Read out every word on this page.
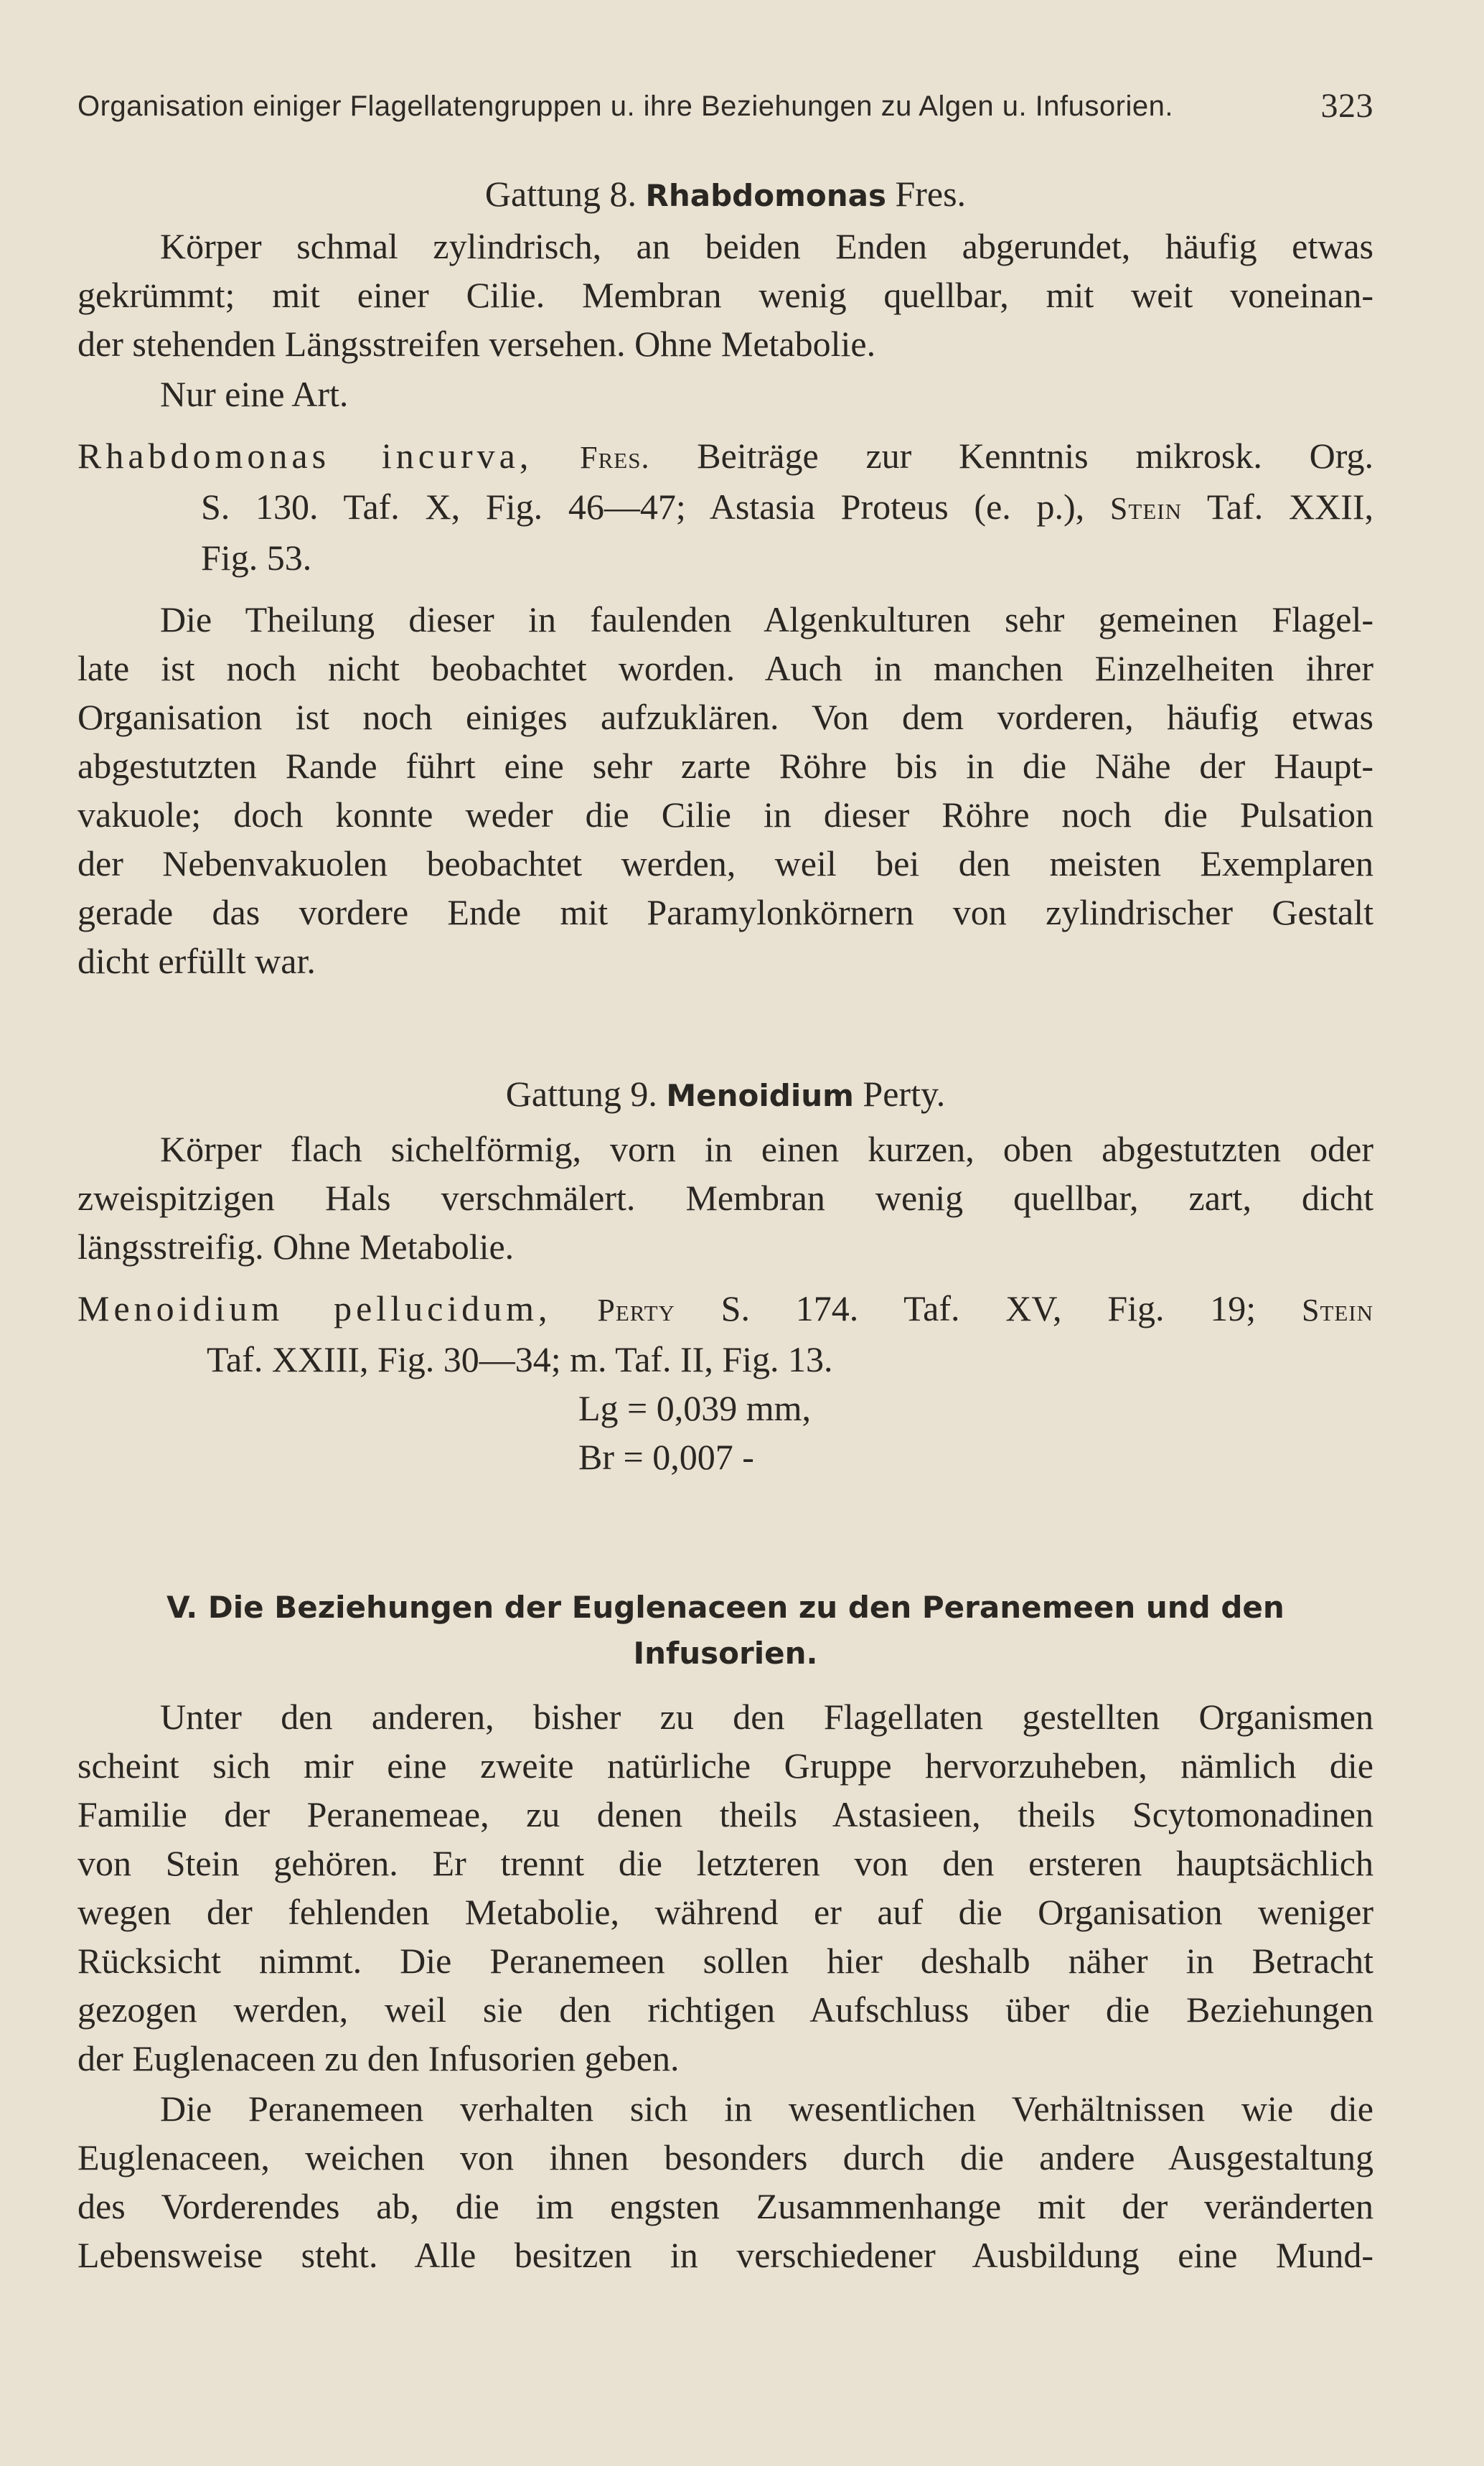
Organisation einiger Flagellatengruppen u. ihre Beziehungen zu Algen u. Infusorien.	323
Gattung 8. Rhabdomonas Fres.
Körper schmal zylindrisch, an beiden Enden abgerundet, häufig etwas
gekrümmt; mit einer Cilie. Membran wenig quellbar, mit weit voneinan-
der stehenden Längsstreifen versehen. Ohne Metabolie.
Nur eine Art.
Rhabdomonas incurva, Fres. Beiträge zur Kenntnis mikrosk. Org.
S. 130. Taf. X, Fig. 46—47; Astasia Proteus (e. p.), Stein Taf. XXII,
Fig. 53.
Die Theilung dieser in faulenden Algenkulturen sehr gemeinen Flagel-
late ist noch nicht beobachtet worden. Auch in manchen Einzelheiten ihrer
Organisation ist noch einiges aufzuklären. Von dem vorderen, häufig etwas
abgestutzten Rande führt eine sehr zarte Röhre bis in die Nähe der Haupt-
vakuole; doch konnte weder die Cilie in dieser Röhre noch die Pulsation
der Nebenvakuolen beobachtet werden, weil bei den meisten Exemplaren
gerade das vordere Ende mit Paramylonkörnern von zylindrischer Gestalt
dicht erfüllt war.
Gattung 9. Menoidium Perty.
Körper flach sichelförmig, vorn in einen kurzen, oben abgestutzten oder
zweispitzigen Hals verschmälert. Membran wenig quellbar, zart, dicht
längsstreifig. Ohne Metabolie.
Menoidium pellucidum, Perty S. 174. Taf. XV, Fig. 19; Stein
Taf. XXIII, Fig. 30—34; m. Taf. II, Fig. 13.
Lg = 0,039 mm,
Br = 0,007 -
V. Die Beziehungen der Euglenaceen zu den Peranemeen und den
Infusorien.
Unter den anderen, bisher zu den Flagellaten gestellten Organismen
scheint sich mir eine zweite natürliche Gruppe hervorzuheben, nämlich die
Familie der Peranemeae, zu denen theils Astasieen, theils Scytomonadinen
von Stein gehören. Er trennt die letzteren von den ersteren hauptsächlich
wegen der fehlenden Metabolie, während er auf die Organisation weniger
Rücksicht nimmt. Die Peranemeen sollen hier deshalb näher in Betracht
gezogen werden, weil sie den richtigen Aufschluss über die Beziehungen
der Euglenaceen zu den Infusorien geben.
Die Peranemeen verhalten sich in wesentlichen Verhältnissen wie die
Euglenaceen, weichen von ihnen besonders durch die andere Ausgestaltung
des Vorderendes ab, die im engsten Zusammenhange mit der veränderten
Lebensweise steht. Alle besitzen in verschiedener Ausbildung eine Mund-
